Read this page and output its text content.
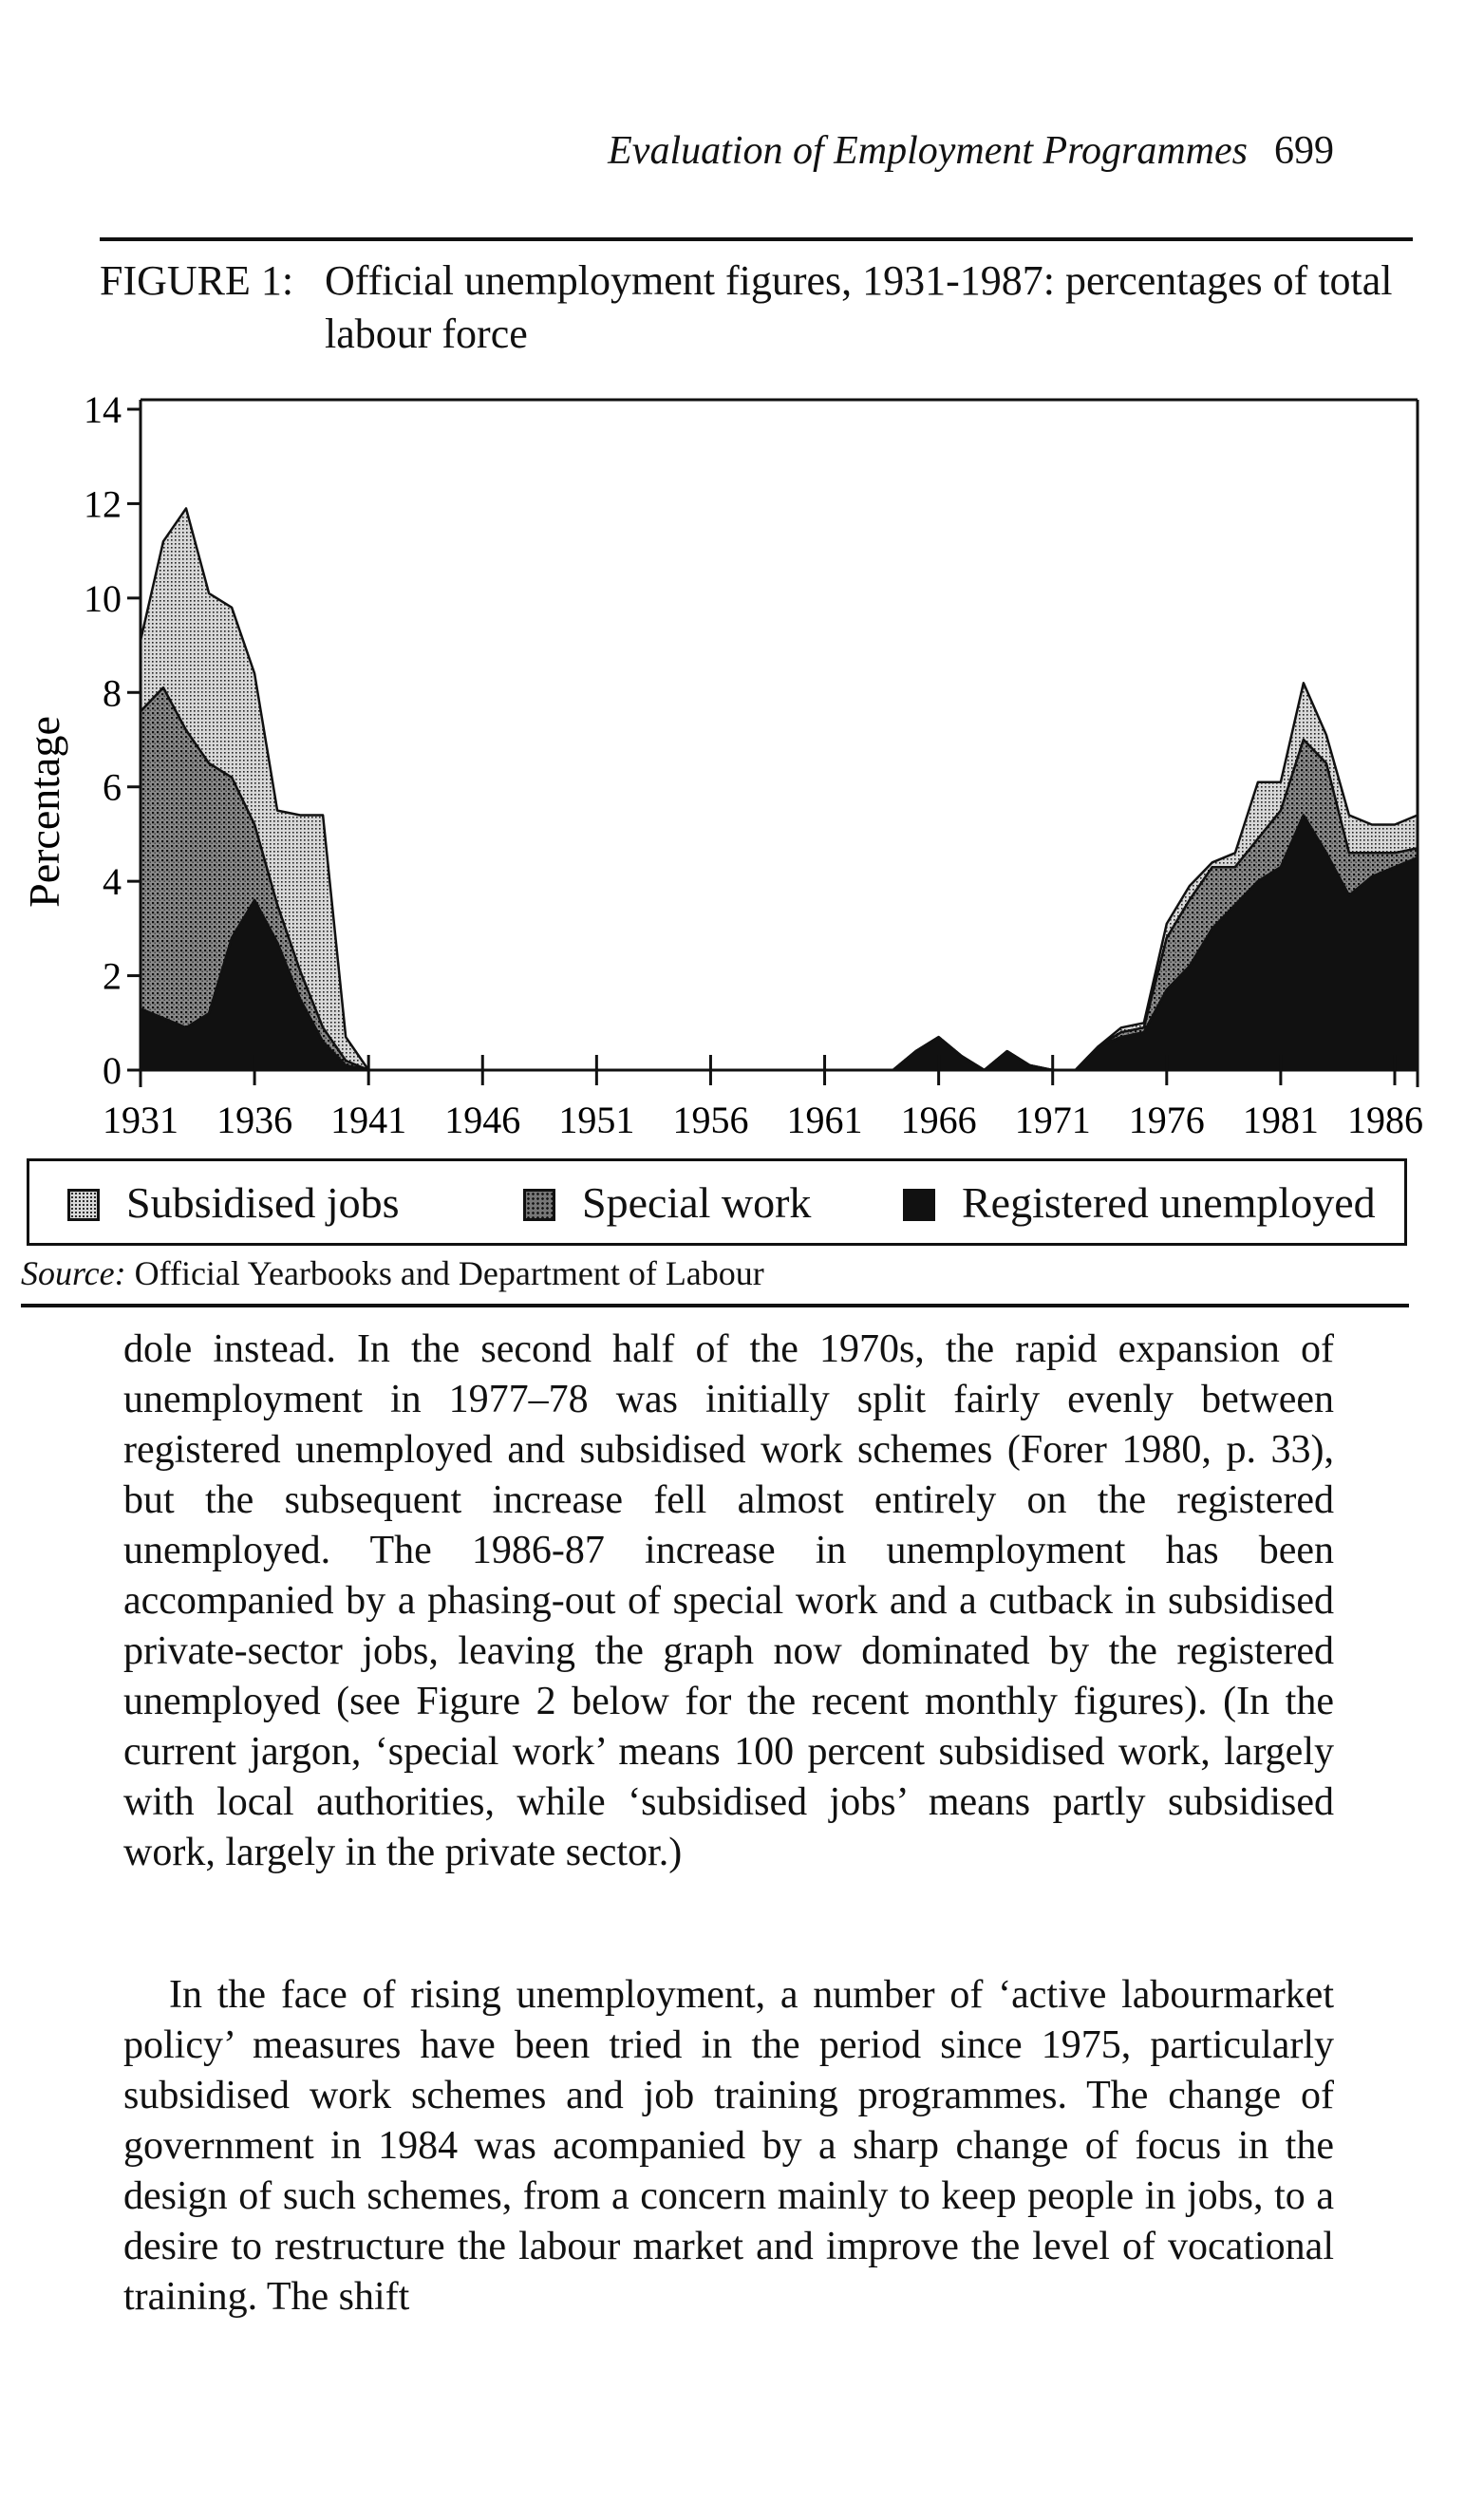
Evaluation of Employment Programmes 699
FIGURE 1: Official unemployment figures, 1931-1987: percentages of total labour force
0
2
4
6
8
10
12
14
1931 1936 1941 1946 1951 1956 1961 1966 1971 1976 1981 1986
Percentage
Subsidised jobs	Special work	Registered unemployed
Source: Official Yearbooks and Department of Labour

dole instead. In the second half of the 1970s, the rapid expansion of unemployment in 1977–78 was initially split fairly evenly between registered unemployed and subsidised work schemes (Forer 1980, p. 33), but the subsequent increase fell almost entirely on the registered unemployed. The 1986-87 increase in unemployment has been accompanied by a phasing-out of special work and a cutback in subsidised private-sector jobs, leaving the graph now dominated by the registered unemployed (see Figure 2 below for the recent monthly figures). (In the current jargon, ‘special work’ means 100 percent subsidised work, largely with local authorities, while ‘subsidised jobs’ means partly subsidised work, largely in the private sector.)

In the face of rising unemployment, a number of ‘active labourmarket policy’ measures have been tried in the period since 1975, particularly subsidised work schemes and job training programmes. The change of government in 1984 was acompanied by a sharp change of focus in the design of such schemes, from a concern mainly to keep people in jobs, to a desire to restructure the labour market and improve the level of vocational training. The shift
